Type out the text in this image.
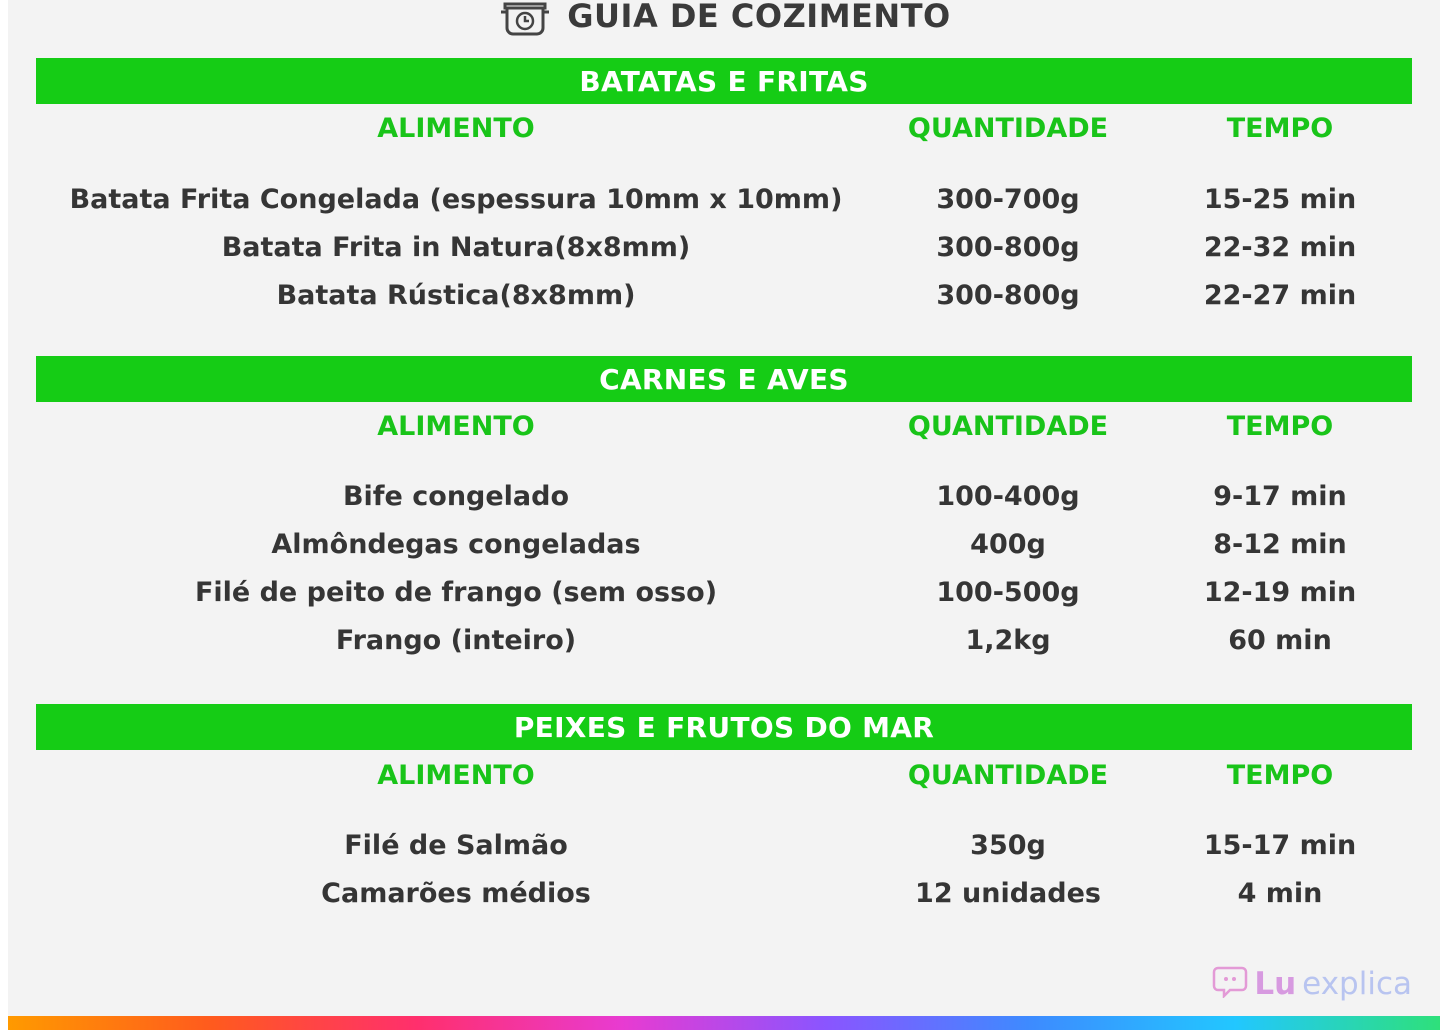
GUIA DE COZIMENTO
BATATAS E FRITAS
ALIMENTO	QUANTIDADE	TEMPO
Batata Frita Congelada (espessura 10mm x 10mm)	300-700g	15-25 min
Batata Frita in Natura(8x8mm)	300-800g	22-32 min
Batata Rústica(8x8mm)	300-800g	22-27 min
CARNES E AVES
ALIMENTO	QUANTIDADE	TEMPO
Bife congelado	100-400g	9-17 min
Almôndegas congeladas	400g	8-12 min
Filé de peito de frango (sem osso)	100-500g	12-19 min
Frango (inteiro)	1,2kg	60 min
PEIXES E FRUTOS DO MAR
ALIMENTO	QUANTIDADE	TEMPO
Filé de Salmão	350g	15-17 min
Camarões médios	12 unidades	4 min
Lu explica
